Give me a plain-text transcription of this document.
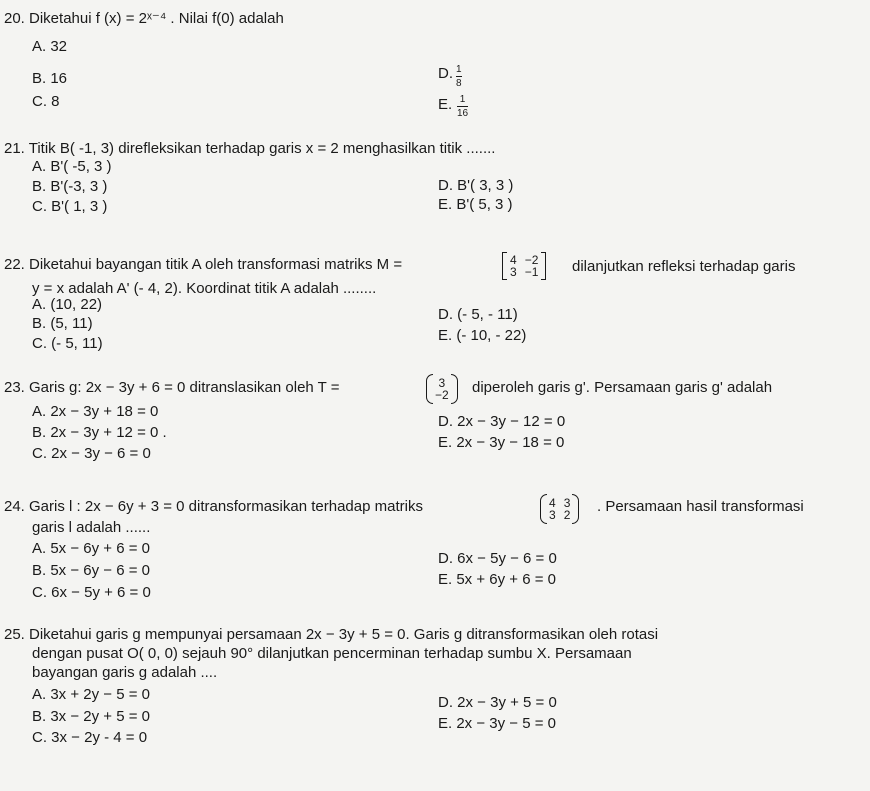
20. Diketahui f (x) = 2ˣ⁻⁴ . Nilai f(0) adalah
A. 32
B. 16
C. 8
D. 1
8
E. 1
16
21. Titik B( -1, 3) direfleksikan terhadap garis x = 2 menghasilkan titik .......
A. B'( -5, 3 )
B. B'(-3, 3 )
C. B'( 1, 3 )
D. B'( 3, 3 )
E. B'( 5, 3 )
22. Diketahui bayangan titik A oleh transformasi matriks M =	4 −2
3 −1 dilanjutkan refleksi terhadap garis
y = x adalah A' (- 4, 2). Koordinat titik A adalah ........
A. (10, 22)
B. (5, 11)
C. (- 5, 11)
D. (- 5, - 11)
E. (- 10, - 22)
23. Garis g: 2x − 3y + 6 = 0 ditranslasikan oleh T =	3
−2 diperoleh garis g'. Persamaan garis g' adalah
A. 2x − 3y + 18 = 0
B. 2x − 3y + 12 = 0 .
C. 2x − 3y − 6 = 0
D. 2x − 3y − 12 = 0
E. 2x − 3y − 18 = 0
24. Garis l : 2x − 6y + 3 = 0 ditransformasikan terhadap matriks	4 3
3 2 . Persamaan hasil transformasi
garis l adalah ......
A. 5x − 6y + 6 = 0
B. 5x − 6y − 6 = 0
C. 6x − 5y + 6 = 0
D. 6x − 5y − 6 = 0
E. 5x + 6y + 6 = 0
25. Diketahui garis g mempunyai persamaan 2x − 3y + 5 = 0. Garis g ditransformasikan oleh rotasi
dengan pusat O( 0, 0) sejauh 90° dilanjutkan pencerminan terhadap sumbu X. Persamaan
bayangan garis g adalah ....
A. 3x + 2y − 5 = 0
B. 3x − 2y + 5 = 0
C. 3x − 2y - 4 = 0
D. 2x − 3y + 5 = 0
E. 2x − 3y − 5 = 0
